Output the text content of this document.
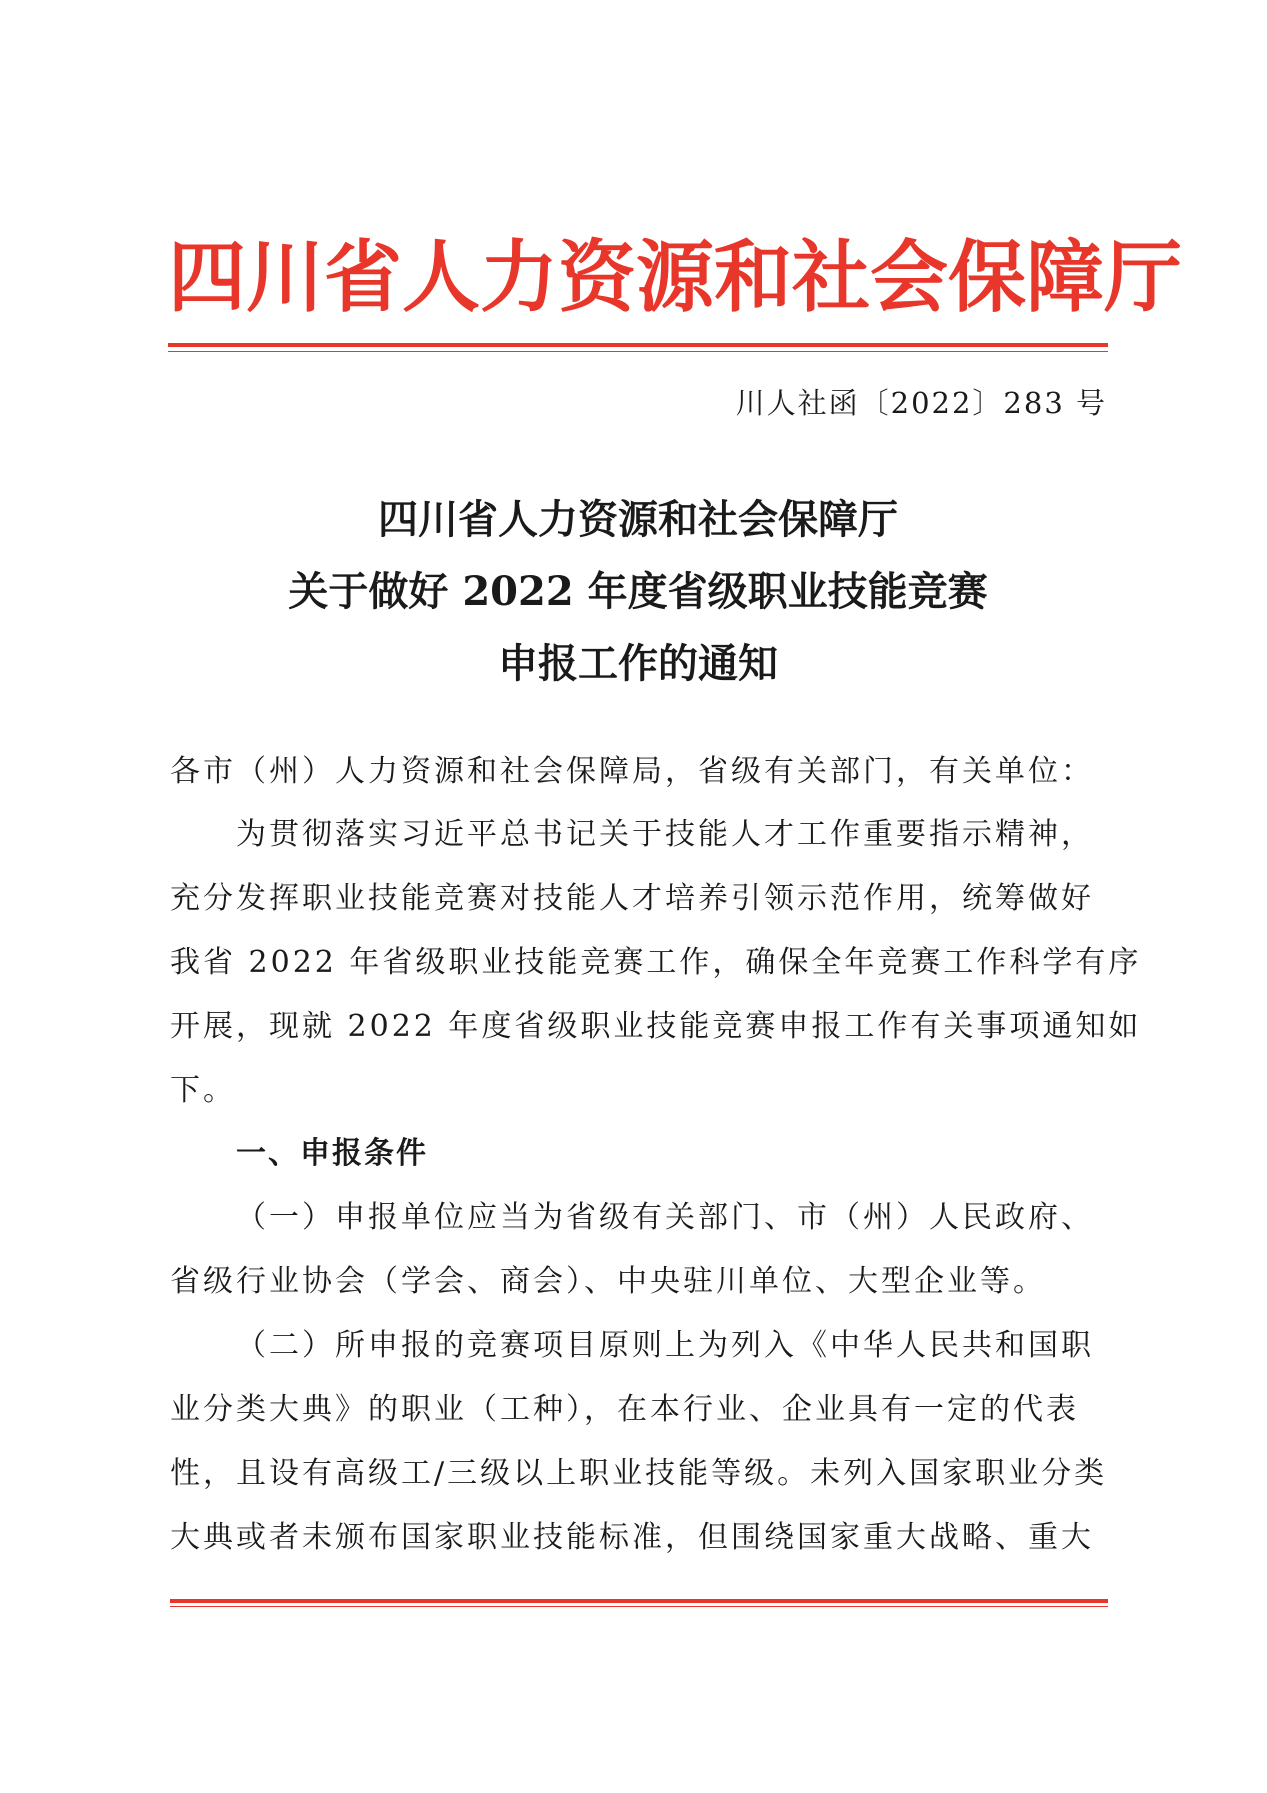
四川省人力资源和社会保障厅
川人社函〔2022〕283 号
四川省人力资源和社会保障厅
关于做好 2022 年度省级职业技能竞赛
申报工作的通知
各市（州）人力资源和社会保障局，省级有关部门，有关单位：
为贯彻落实习近平总书记关于技能人才工作重要指示精神，
充分发挥职业技能竞赛对技能人才培养引领示范作用，统筹做好
我省 2022 年省级职业技能竞赛工作，确保全年竞赛工作科学有序
开展，现就 2022 年度省级职业技能竞赛申报工作有关事项通知如
下。
一、申报条件
（一）申报单位应当为省级有关部门、市（州）人民政府、
省级行业协会（学会、商会）、中央驻川单位、大型企业等。
（二）所申报的竞赛项目原则上为列入《中华人民共和国职
业分类大典》的职业（工种），在本行业、企业具有一定的代表
性，且设有高级工/三级以上职业技能等级。未列入国家职业分类
大典或者未颁布国家职业技能标准，但围绕国家重大战略、重大
